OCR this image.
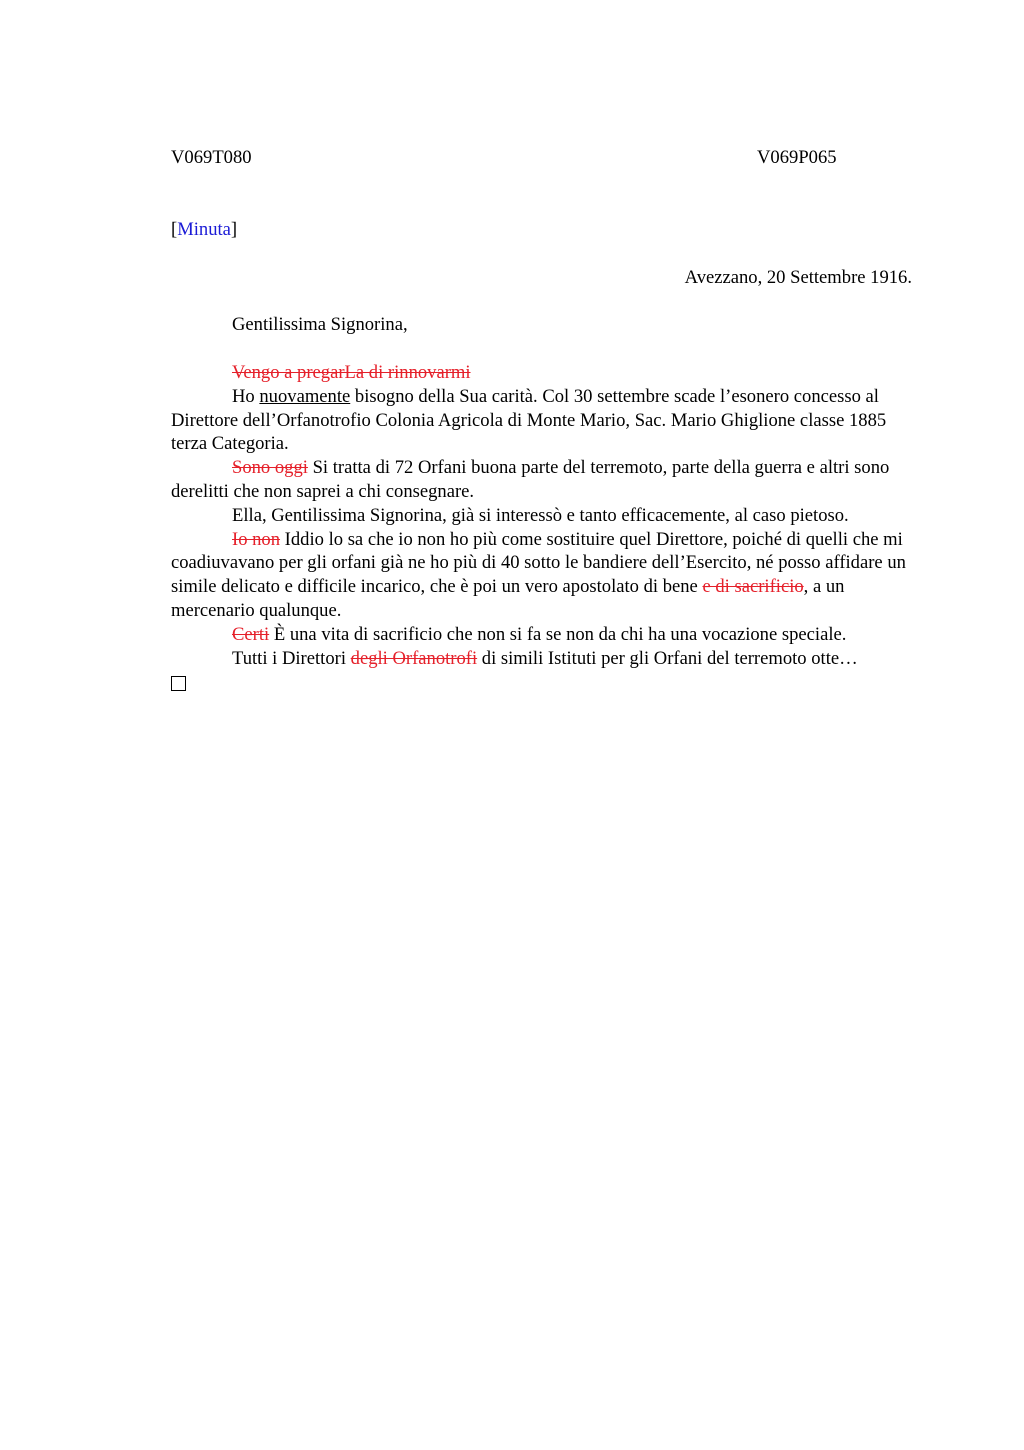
V069T080	V069P065
[Minuta]
Avezzano, 20 Settembre 1916.
Gentilissima Signorina,

Vengo a pregarLa di rinnovarmi

Ho nuovamente bisogno della Sua carità. Col 30 settembre scade l’esonero concesso al Direttore dell’Orfanotrofio Colonia Agricola di Monte Mario, Sac. Mario Ghiglione classe 1885 terza Categoria.

Sono oggi Si tratta di 72 Orfani buona parte del terremoto, parte della guerra e altri sono derelitti che non saprei a chi consegnare.

Ella, Gentilissima Signorina, già si interessò e tanto efficacemente, al caso pietoso.

Io non Iddio lo sa che io non ho più come sostituire quel Direttore, poiché di quelli che mi coadiuvavano per gli orfani già ne ho più di 40 sotto le bandiere dell’Esercito, né posso affidare un simile delicato e difficile incarico, che è poi un vero apostolato di bene e di sacrificio, a un mercenario qualunque.

Certi È una vita di sacrificio che non si fa se non da chi ha una vocazione speciale.

Tutti i Direttori degli Orfanotrofi di simili Istituti per gli Orfani del terremoto otte…
